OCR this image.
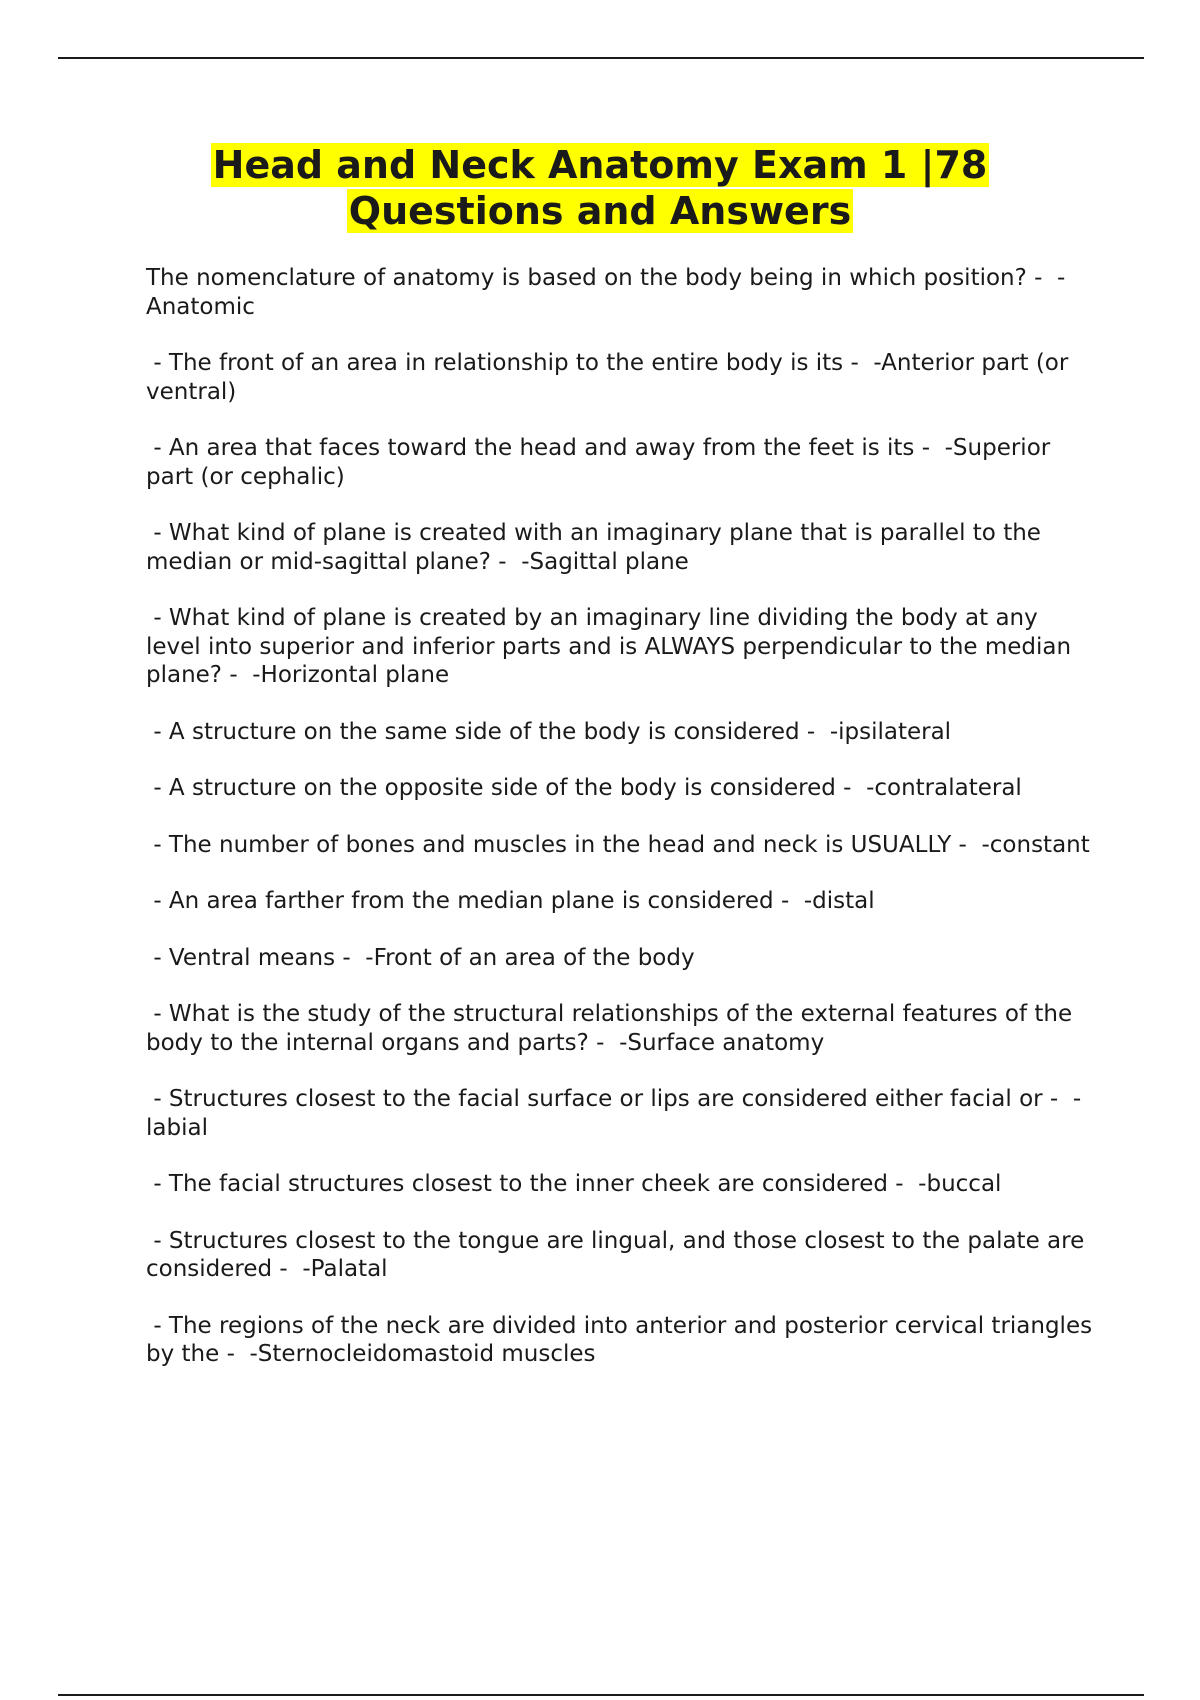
Head and Neck Anatomy Exam 1 |78
Questions and Answers
The nomenclature of anatomy is based on the body being in which position? -  -Anatomic
- The front of an area in relationship to the entire body is its -  -Anterior part (or ventral)
- An area that faces toward the head and away from the feet is its -  -Superior part (or cephalic)
- What kind of plane is created with an imaginary plane that is parallel to the median or mid-sagittal plane? -  -Sagittal plane
- What kind of plane is created by an imaginary line dividing the body at any level into superior and inferior parts and is ALWAYS perpendicular to the median plane? -  -Horizontal plane
- A structure on the same side of the body is considered -  -ipsilateral
- A structure on the opposite side of the body is considered -  -contralateral
- The number of bones and muscles in the head and neck is USUALLY -  -constant
- An area farther from the median plane is considered -  -distal
- Ventral means -  -Front of an area of the body
- What is the study of the structural relationships of the external features of the body to the internal organs and parts? -  -Surface anatomy
- Structures closest to the facial surface or lips are considered either facial or -  -labial
- The facial structures closest to the inner cheek are considered -  -buccal
- Structures closest to the tongue are lingual, and those closest to the palate are considered -  -Palatal
- The regions of the neck are divided into anterior and posterior cervical triangles by the -  -Sternocleidomastoid muscles
